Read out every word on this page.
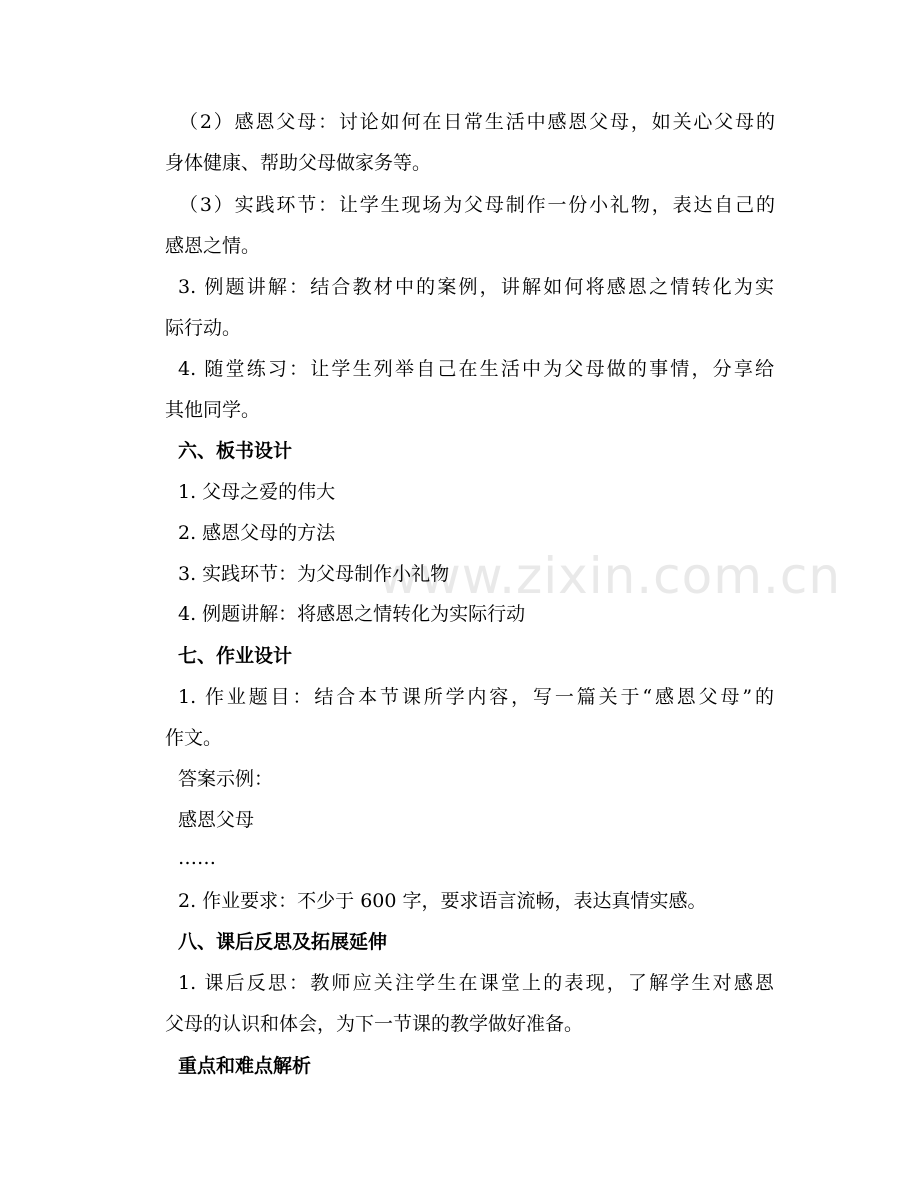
www.zixin.com.cn
（2）感恩父母：讨论如何在日常生活中感恩父母，如关心父母的
身体健康、帮助父母做家务等。
（3）实践环节：让学生现场为父母制作一份小礼物，表达自己的
感恩之情。
3. 例题讲解：结合教材中的案例，讲解如何将感恩之情转化为实
际行动。
4. 随堂练习：让学生列举自己在生活中为父母做的事情，分享给
其他同学。
六、板书设计
1. 父母之爱的伟大
2. 感恩父母的方法
3. 实践环节：为父母制作小礼物
4. 例题讲解：将感恩之情转化为实际行动
七、作业设计
1. 作业题目：结合本节课所学内容，写一篇关于“感恩父母”的
作文。
答案示例：
感恩父母
……
2. 作业要求：不少于 600 字，要求语言流畅，表达真情实感。
八、课后反思及拓展延伸
1. 课后反思：教师应关注学生在课堂上的表现，了解学生对感恩
父母的认识和体会，为下一节课的教学做好准备。
重点和难点解析
